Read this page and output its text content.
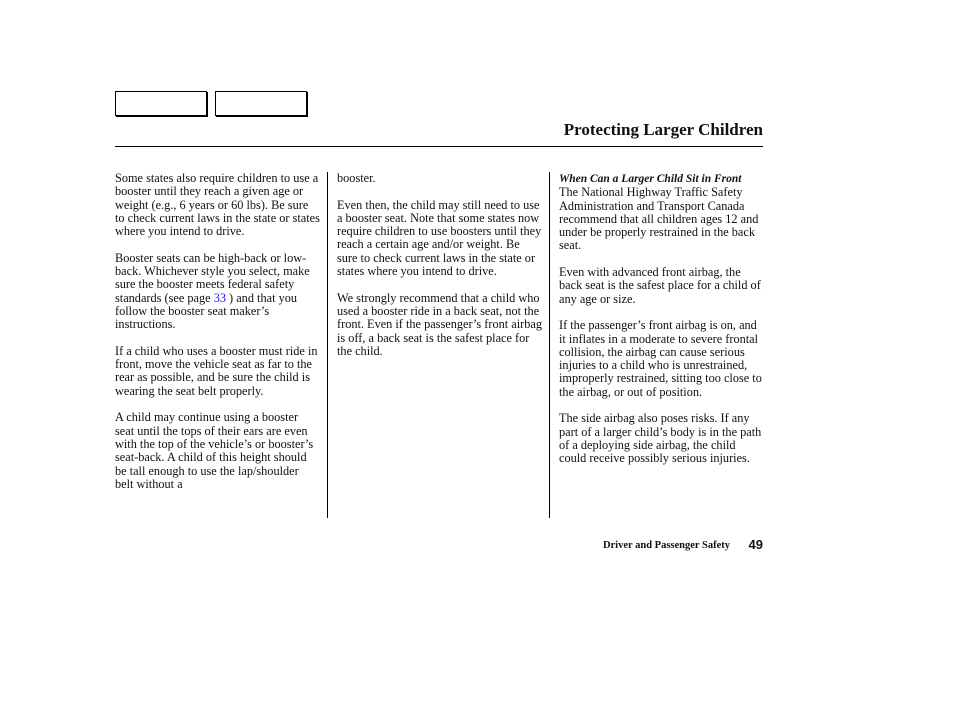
Protecting Larger Children

Some states also require children to use a booster until they reach a given age or weight (e.g., 6 years or 60 lbs). Be sure to check current laws in the state or states where you intend to drive.

Booster seats can be high-back or low-back. Whichever style you select, make sure the booster meets federal safety standards (see page 33 ) and that you follow the booster seat maker’s instructions.

If a child who uses a booster must ride in front, move the vehicle seat as far to the rear as possible, and be sure the child is wearing the seat belt properly.

A child may continue using a booster seat until the tops of their ears are even with the top of the vehicle’s or booster’s seat-back. A child of this height should be tall enough to use the lap/shoulder belt without a

booster.

Even then, the child may still need to use a booster seat. Note that some states now require children to use boosters until they reach a certain age and/or weight. Be sure to check current laws in the state or states where you intend to drive.

We strongly recommend that a child who used a booster ride in a back seat, not the front. Even if the passenger’s front airbag is off, a back seat is the safest place for the child.

When Can a Larger Child Sit in Front
The National Highway Traffic Safety Administration and Transport Canada recommend that all children ages 12 and under be properly restrained in the back seat.

Even with advanced front airbag, the back seat is the safest place for a child of any age or size.

If the passenger’s front airbag is on, and it inflates in a moderate to severe frontal collision, the airbag can cause serious injuries to a child who is unrestrained, improperly restrained, sitting too close to the airbag, or out of position.

The side airbag also poses risks. If any part of a larger child’s body is in the path of a deploying side airbag, the child could receive possibly serious injuries.

Driver and Passenger Safety 49
